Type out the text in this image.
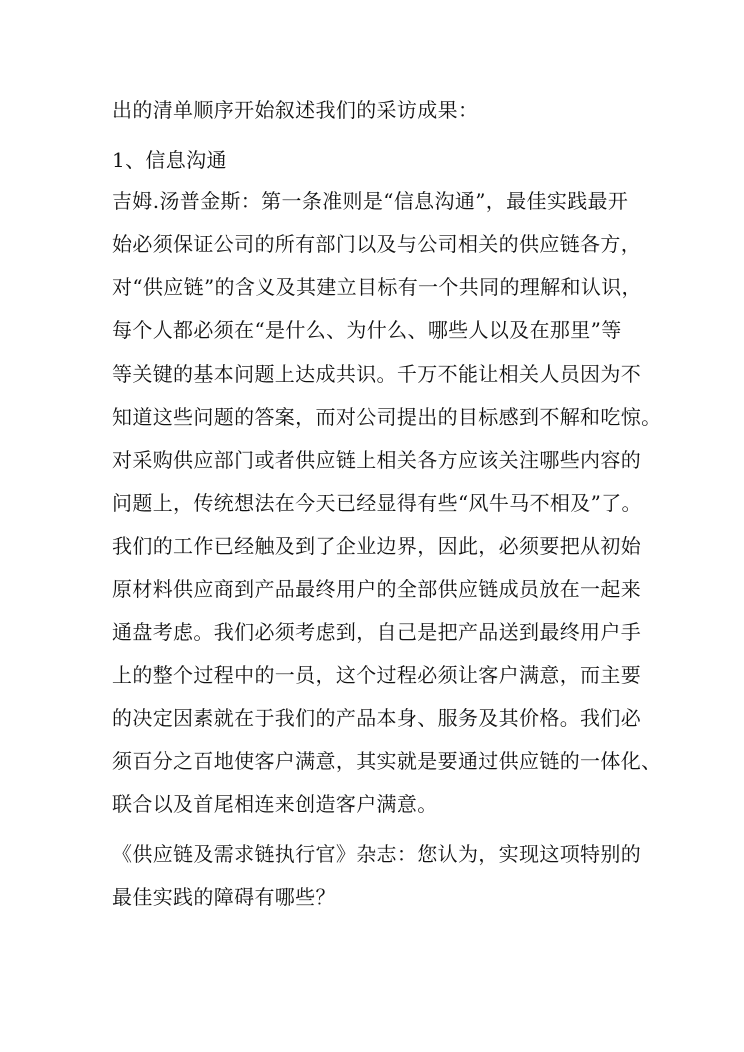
出的清单顺序开始叙述我们的采访成果：
1、信息沟通
吉姆.汤普金斯：第一条准则是“信息沟通”，最佳实践最开
始必须保证公司的所有部门以及与公司相关的供应链各方，
对“供应链”的含义及其建立目标有一个共同的理解和认识，
每个人都必须在“是什么、为什么、哪些人以及在那里”等
等关键的基本问题上达成共识。千万不能让相关人员因为不
知道这些问题的答案，而对公司提出的目标感到不解和吃惊。
对采购供应部门或者供应链上相关各方应该关注哪些内容的
问题上，传统想法在今天已经显得有些“风牛马不相及”了。
我们的工作已经触及到了企业边界，因此，必须要把从初始
原材料供应商到产品最终用户的全部供应链成员放在一起来
通盘考虑。我们必须考虑到，自己是把产品送到最终用户手
上的整个过程中的一员，这个过程必须让客户满意，而主要
的决定因素就在于我们的产品本身、服务及其价格。我们必
须百分之百地使客户满意，其实就是要通过供应链的一体化、
联合以及首尾相连来创造客户满意。
《供应链及需求链执行官》杂志：您认为，实现这项特别的
最佳实践的障碍有哪些？
